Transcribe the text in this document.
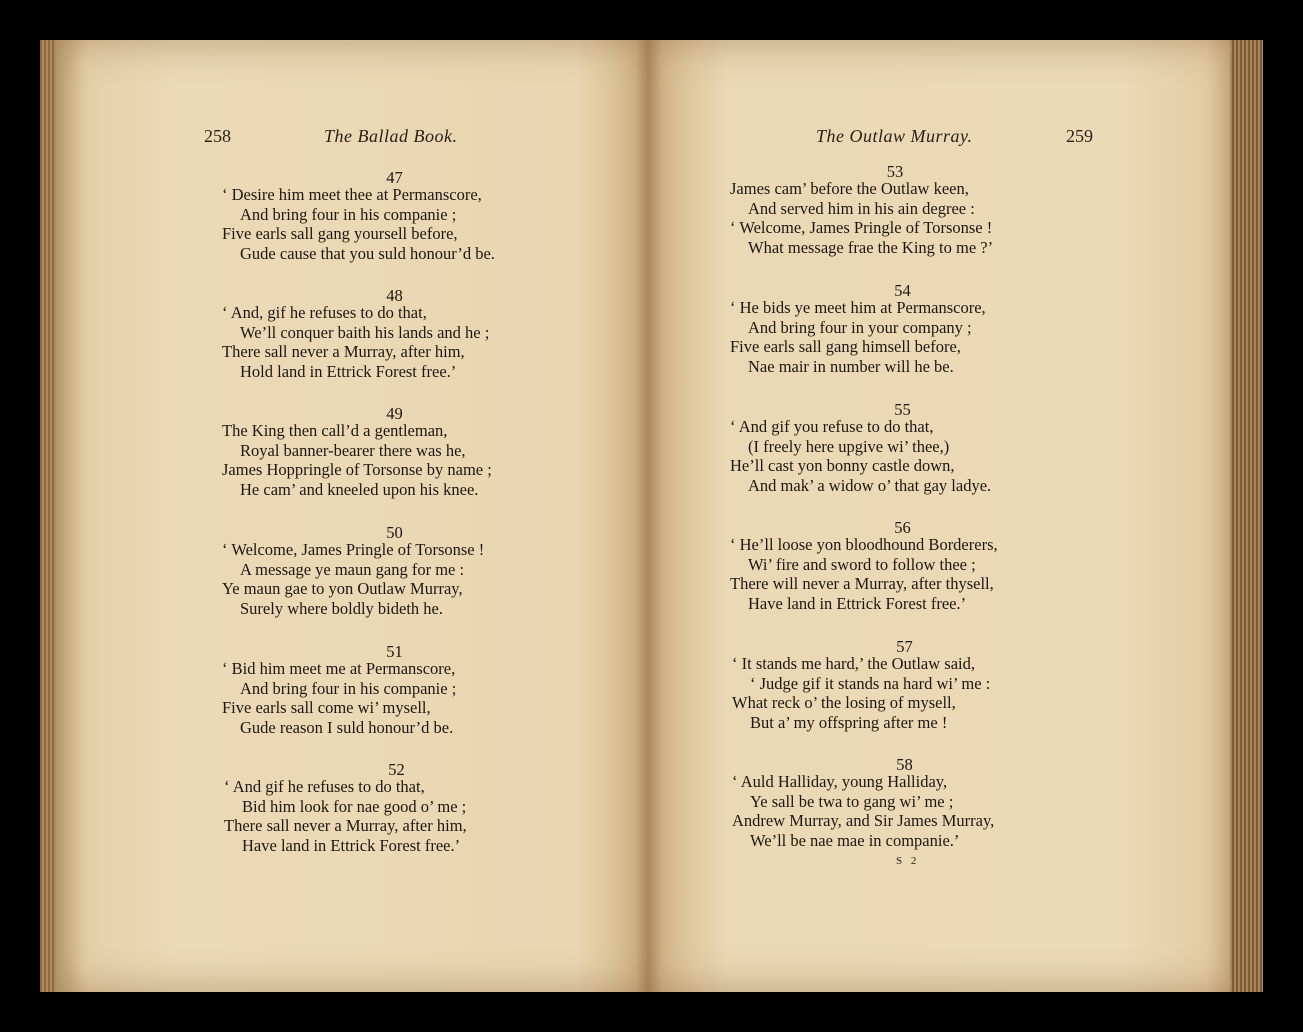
258	The Ballad Book.
47
‘ Desire him meet thee at Permanscore,
And bring four in his companie ;
Five earls sall gang yoursell before,
Gude cause that you suld honour’d be.
48
‘ And, gif he refuses to do that,
We’ll conquer baith his lands and he ;
There sall never a Murray, after him,
Hold land in Ettrick Forest free.’
49
The King then call’d a gentleman,
Royal banner-bearer there was he,
James Hoppringle of Torsonse by name ;
He cam’ and kneeled upon his knee.
50
‘ Welcome, James Pringle of Torsonse !
A message ye maun gang for me :
Ye maun gae to yon Outlaw Murray,
Surely where boldly bideth he.
51
‘ Bid him meet me at Permanscore,
And bring four in his companie ;
Five earls sall come wi’ mysell,
Gude reason I suld honour’d be.
52
‘ And gif he refuses to do that,
Bid him look for nae good o’ me ;
There sall never a Murray, after him,
Have land in Ettrick Forest free.’
The Outlaw Murray.	259
53
James cam’ before the Outlaw keen,
And served him in his ain degree :
‘ Welcome, James Pringle of Torsonse !
What message frae the King to me ?’
54
‘ He bids ye meet him at Permanscore,
And bring four in your company ;
Five earls sall gang himsell before,
Nae mair in number will he be.
55
‘ And gif you refuse to do that,
(I freely here upgive wi’ thee,)
He’ll cast yon bonny castle down,
And mak’ a widow o’ that gay ladye.
56
‘ He’ll loose yon bloodhound Borderers,
Wi’ fire and sword to follow thee ;
There will never a Murray, after thysell,
Have land in Ettrick Forest free.’
57
‘ It stands me hard,’ the Outlaw said,
‘ Judge gif it stands na hard wi’ me :
What reck o’ the losing of mysell,
But a’ my offspring after me !
58
‘ Auld Halliday, young Halliday,
Ye sall be twa to gang wi’ me ;
Andrew Murray, and Sir James Murray,
We’ll be nae mae in companie.’
S 2
